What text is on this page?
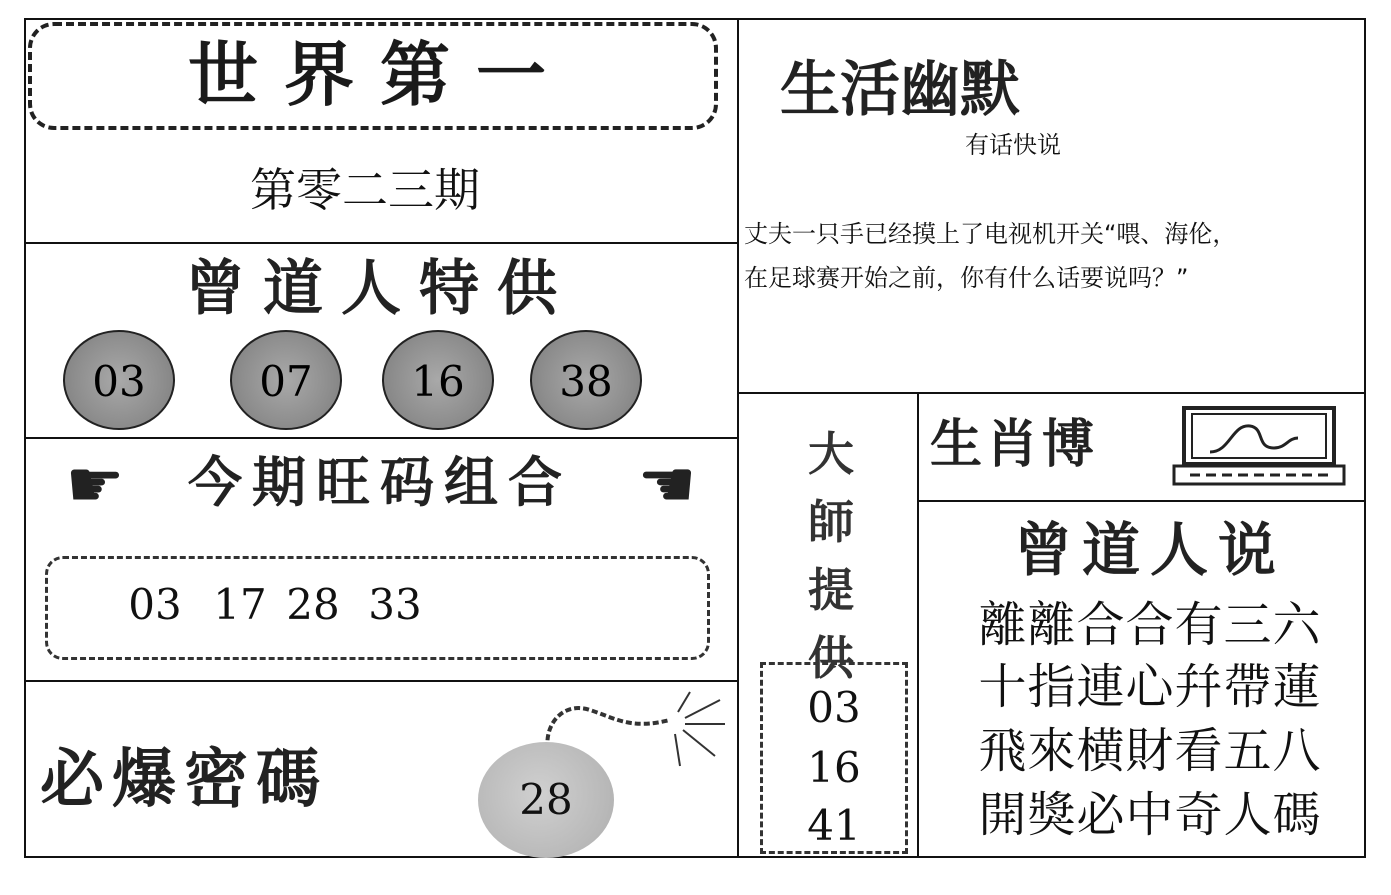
世界第一
第零二三期
曾道人特供
03	07	16	38
☛	今期旺码组合 ☚
03 17 28 33
必爆密碼	28
生活幽默
有话快说
丈夫一只手已经摸上了电视机开关“喂、海伦，
在足球赛开始之前，你有什么话要说吗？”
大
師
提
供
03
16
41
生肖博
曾道人说
離離合合有三六
十指連心幷帶蓮
飛來横財看五八
開獎必中奇人碼
